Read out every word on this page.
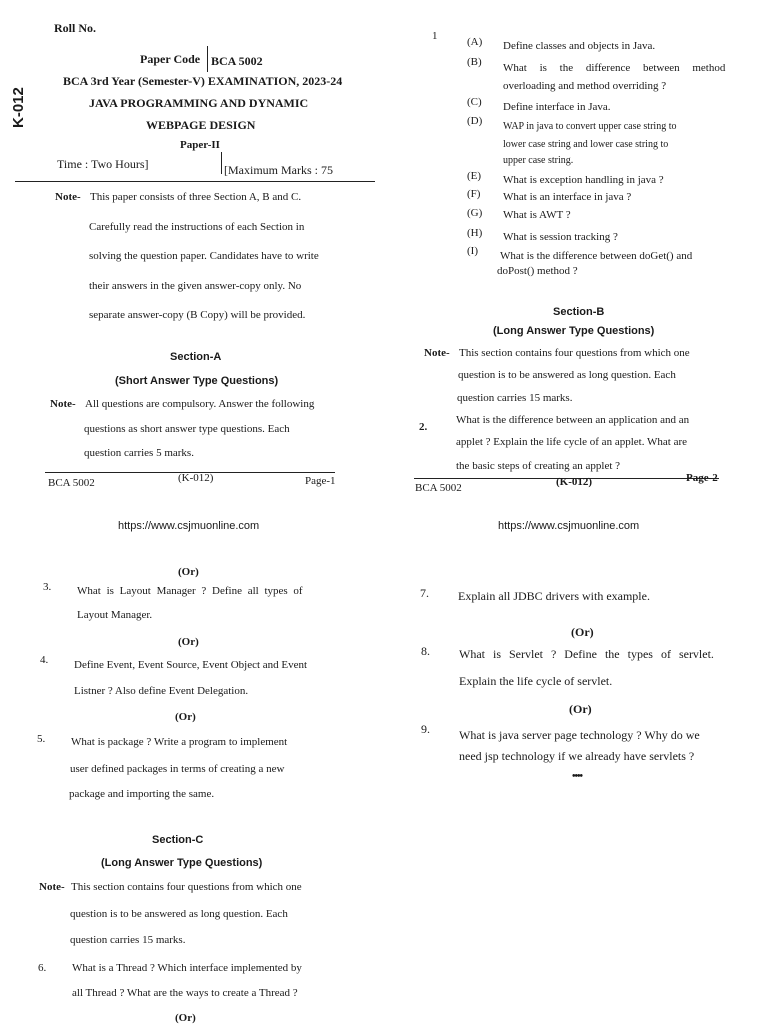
Roll No.
Paper Code BCA 5002
BCA 3rd Year (Semester-V) EXAMINATION, 2023-24
JAVA PROGRAMMING AND DYNAMIC
WEBPAGE DESIGN
Paper-II
K-012
Time : Two Hours]	[Maximum Marks : 75
Note- This paper consists of three Section A, B and C.
Carefully read the instructions of each Section in
solving the question paper. Candidates have to write
their answers in the given answer-copy only. No
separate answer-copy (B Copy) will be provided.
Section-A
(Short Answer Type Questions)
Note- All questions are compulsory. Answer the following
questions as short answer type questions. Each
question carries 5 marks.
BCA 5002	(K-012)	Page-1
https://www.csjmuonline.com
1	(A) Define classes and objects in Java.
(B) What is the difference between method
overloading and method overriding ?
(C) Define interface in Java.
(D) WAP in java to convert upper case string to
lower case string and lower case string to
upper case string.
(E) What is exception handling in java ?
(F) What is an interface in java ?
(G) What is AWT ?
(H) What is session tracking ?
(I) What is the difference between doGet() and
doPost() method ?
Section-B
(Long Answer Type Questions)
Note- This section contains four questions from which one
question is to be answered as long question. Each
question carries 15 marks.
2.
What is the difference between an application and an
applet ? Explain the life cycle of an applet. What are
the basic steps of creating an applet ?
BCA 5002	(K-012)	Page-2
https://www.csjmuonline.com
(Or)
3. What is Layout Manager ? Define all types of
Layout Manager.
(Or)
4. Define Event, Event Source, Event Object and Event
Listner ? Also define Event Delegation.
(Or)
5. What is package ? Write a program to implement
user defined packages in terms of creating a new
package and importing the same.
Section-C
(Long Answer Type Questions)
Note- This section contains four questions from which one
question is to be answered as long question. Each
question carries 15 marks.
6. What is a Thread ? Which interface implemented by
all Thread ? What are the ways to create a Thread ?
(Or)
7. Explain all JDBC drivers with example.
(Or)
8. What is Servlet ? Define the types of servlet.
Explain the life cycle of servlet.
(Or)
9. What is java server page technology ? Why do we
need jsp technology if we already have servlets ?
••••
